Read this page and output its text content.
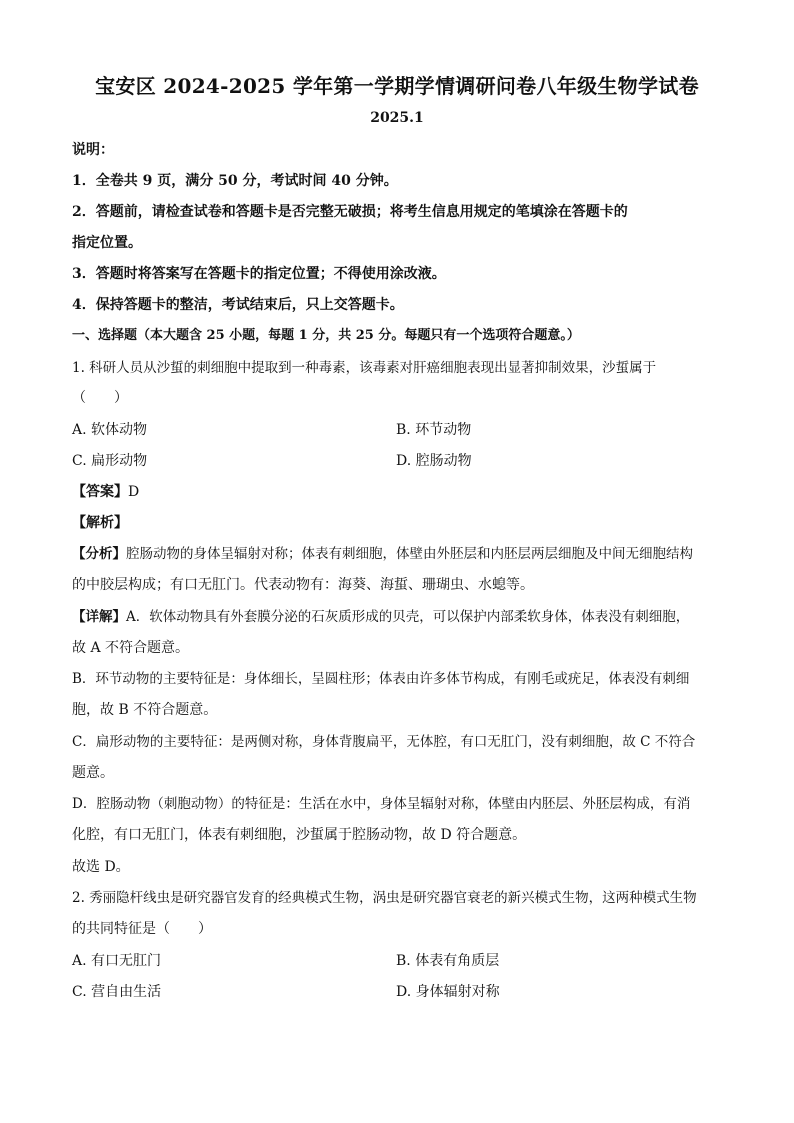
宝安区 2024-2025 学年第一学期学情调研问卷八年级生物学试卷
2025.1
说明：
1．全卷共 9 页，满分 50 分，考试时间 40 分钟。
2．答题前，请检查试卷和答题卡是否完整无破损；将考生信息用规定的笔填涂在答题卡的
指定位置。
3．答题时将答案写在答题卡的指定位置；不得使用涂改液。
4．保持答题卡的整洁，考试结束后，只上交答题卡。
一、选择题（本大题含 25 小题，每题 1 分，共 25 分。每题只有一个选项符合题意。）
1. 科研人员从沙蜇的刺细胞中提取到一种毒素，该毒素对肝癌细胞表现出显著抑制效果，沙蜇属于
（　　）
A. 软体动物	B. 环节动物
C. 扁形动物	D. 腔肠动物
【答案】D
【解析】
【分析】腔肠动物的身体呈辐射对称；体表有刺细胞，体壁由外胚层和内胚层两层细胞及中间无细胞结构
的中胶层构成；有口无肛门。代表动物有：海葵、海蜇、珊瑚虫、水螅等。
【详解】A．软体动物具有外套膜分泌的石灰质形成的贝壳，可以保护内部柔软身体，体表没有刺细胞，
故 A 不符合题意。
B．环节动物的主要特征是：身体细长，呈圆柱形；体表由许多体节构成，有刚毛或疣足，体表没有刺细
胞，故 B 不符合题意。
C．扁形动物的主要特征：是两侧对称，身体背腹扁平，无体腔，有口无肛门，没有刺细胞，故 C 不符合
题意。
D．腔肠动物（刺胞动物）的特征是：生活在水中，身体呈辐射对称，体壁由内胚层、外胚层构成，有消
化腔，有口无肛门，体表有刺细胞，沙蜇属于腔肠动物，故 D 符合题意。
故选 D。
2. 秀丽隐杆线虫是研究器官发育的经典模式生物，涡虫是研究器官衰老的新兴模式生物，这两种模式生物
的共同特征是（　　）
A. 有口无肛门	B. 体表有角质层
C. 营自由生活	D. 身体辐射对称
